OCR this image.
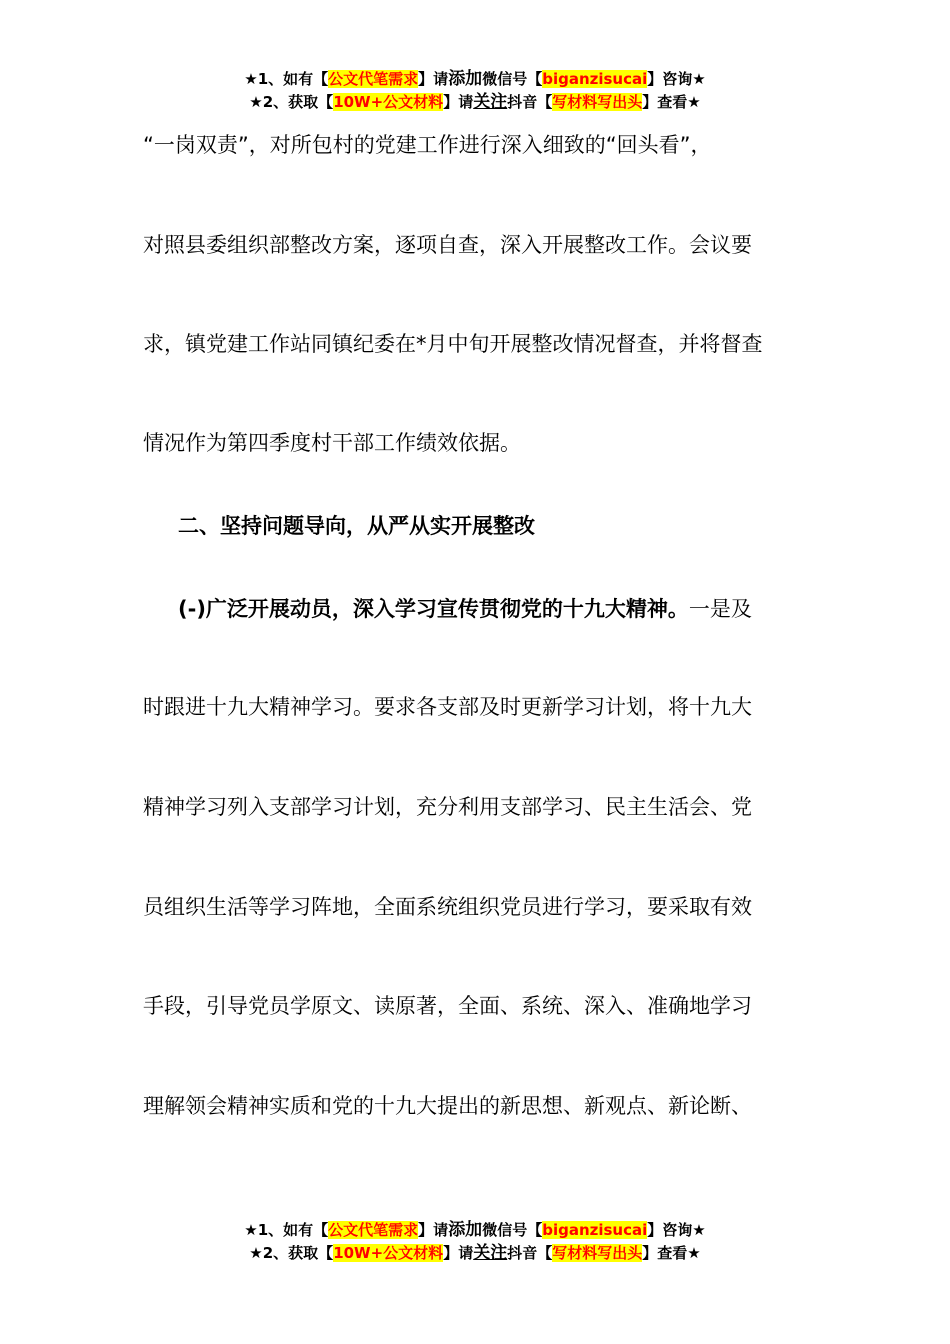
★1、如有【公文代笔需求】请添加微信号【biganzisucai】咨询★
★2、获取【10W+公文材料】请关注抖音【写材料写出头】查看★
“一岗双责”，对所包村的党建工作进行深入细致的“回头看”，
对照县委组织部整改方案，逐项自查，深入开展整改工作。会议要
求，镇党建工作站同镇纪委在*月中旬开展整改情况督查，并将督查
情况作为第四季度村干部工作绩效依据。
二、坚持问题导向，从严从实开展整改
(-)广泛开展动员，深入学习宣传贯彻党的十九大精神。一是及
时跟进十九大精神学习。要求各支部及时更新学习计划，将十九大
精神学习列入支部学习计划，充分利用支部学习、民主生活会、党
员组织生活等学习阵地，全面系统组织党员进行学习，要采取有效
手段，引导党员学原文、读原著，全面、系统、深入、准确地学习
理解领会精神实质和党的十九大提出的新思想、新观点、新论断、
★1、如有【公文代笔需求】请添加微信号【biganzisucai】咨询★
★2、获取【10W+公文材料】请关注抖音【写材料写出头】查看★
